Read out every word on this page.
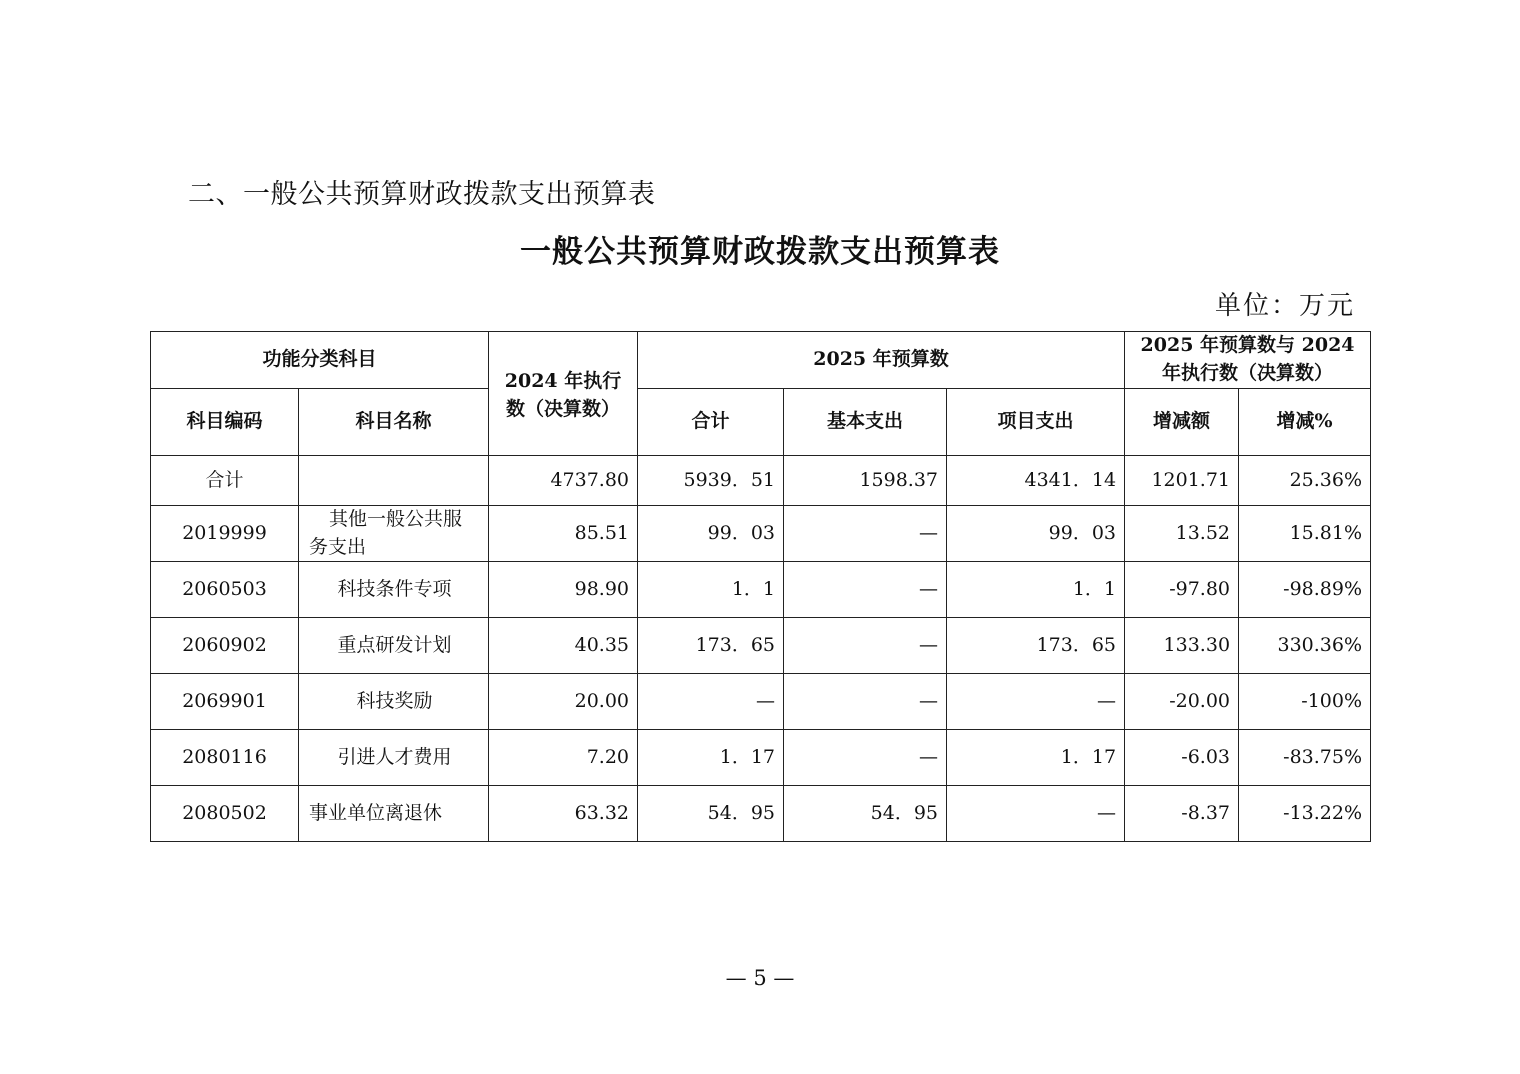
二、一般公共预算财政拨款支出预算表
一般公共预算财政拨款支出预算表
单位：万元
功能分类科目		2024 年执行数（决算数）	2025 年预算数			2025 年预算数与 2024 年执行数（决算数）	
科目编码	科目名称		合计	基本支出	项目支出	增减额	增减%
合计		4737.80	5939．51	1598.37	4341．14	1201.71	25.36%
2019999	其他一般公共服务支出	85.51	99．03	—	99．03	13.52	15.81%
2060503	科技条件专项	98.90	1．1	—	1．1	-97.80	-98.89%
2060902	重点研发计划	40.35	173．65	—	173．65	133.30	330.36%
2069901	科技奖励	20.00	—	—	—	-20.00	-100%
2080116	引进人才费用	7.20	1．17	—	1．17	-6.03	-83.75%
2080502	事业单位离退休	63.32	54．95	54．95	—	-8.37	-13.22%
— 5 —
